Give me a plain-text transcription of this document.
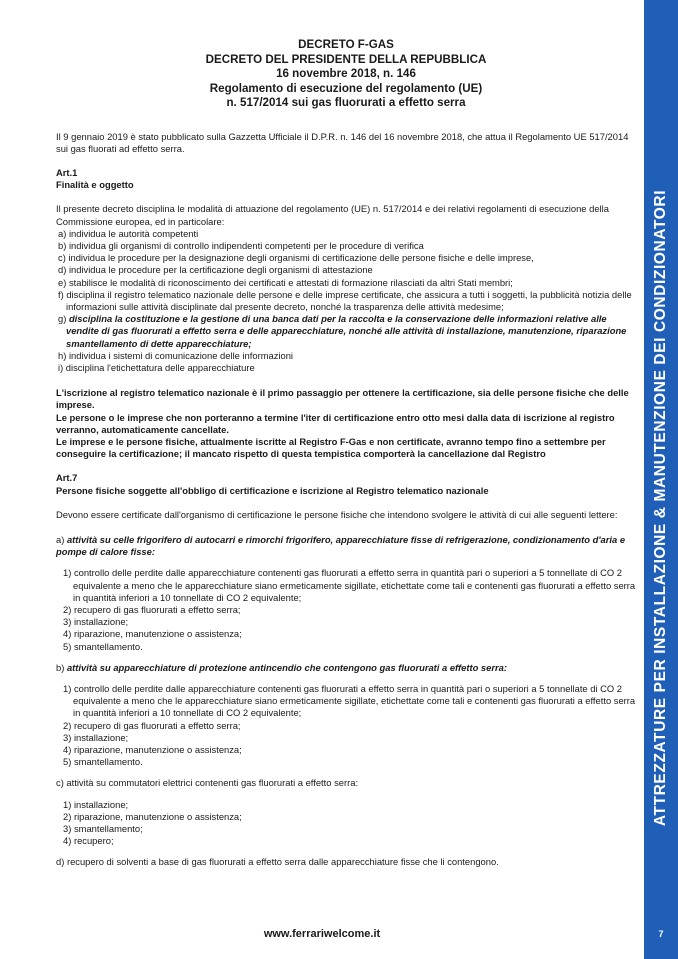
DECRETO F-GAS
DECRETO DEL PRESIDENTE DELLA REPUBBLICA
16 novembre 2018, n. 146
Regolamento di esecuzione del regolamento (UE)
n. 517/2014 sui gas fluorurati a effetto serra

Il 9 gennaio 2019 è stato pubblicato sulla Gazzetta Ufficiale il D.P.R. n. 146 del 16 novembre 2018, che attua il Regolamento UE 517/2014 sui gas fluorati ad effetto serra.

Art.1
Finalità e oggetto

Il presente decreto disciplina le modalità di attuazione del regolamento (UE) n. 517/2014 e dei relativi regolamenti di esecuzione della Commissione europea, ed in particolare:

a) individua le autorità competenti
b) individua gli organismi di controllo indipendenti competenti per le procedure di verifica
c) individua le procedure per la designazione degli organismi di certificazione delle persone fisiche e delle imprese,
d) individua le procedure per la certificazione degli organismi di attestazione
e) stabilisce le modalità di riconoscimento dei certificati e attestati di formazione rilasciati da altri Stati membri;
f) disciplina il registro telematico nazionale delle persone e delle imprese certificate, che assicura a tutti i soggetti, la pubblicità notizia delle informazioni sulle attività disciplinate dal presente decreto, nonché la trasparenza delle attività medesime;
g) disciplina la costituzione e la gestione di una banca dati per la raccolta e la conservazione delle informazioni relative alle vendite di gas fluorurati a effetto serra e delle apparecchiature, nonché alle attività di installazione, manutenzione, riparazione smantellamento di dette apparecchiature;
h) individua i sistemi di comunicazione delle informazioni
i) disciplina l'etichettatura delle apparecchiature

L'iscrizione al registro telematico nazionale è il primo passaggio per ottenere la certificazione, sia delle persone fisiche che delle imprese.

Le persone o le imprese che non porteranno a termine l'iter di certificazione entro otto mesi dalla data di iscrizione al registro verranno, automaticamente cancellate.

Le imprese e le persone fisiche, attualmente iscritte al Registro F-Gas e non certificate, avranno tempo fino a settembre per conseguire la certificazione; il mancato rispetto di questa tempistica comporterà la cancellazione dal Registro

Art.7
Persone fisiche soggette all'obbligo di certificazione e iscrizione al Registro telematico nazionale

Devono essere certificate dall'organismo di certificazione le persone fisiche che intendono svolgere le attività di cui alle seguenti lettere:

a) attività su celle frigorifero di autocarri e rimorchi frigorifero, apparecchiature fisse di refrigerazione, condizionamento d'aria e pompe di calore fisse:
1) controllo delle perdite dalle apparecchiature contenenti gas fluorurati a effetto serra in quantità pari o superiori a 5 tonnellate di CO 2 equivalente a meno che le apparecchiature siano ermeticamente sigillate, etichettate come tali e contenenti gas fluorurati a effetto serra in quantità inferiori a 10 tonnellate di CO 2 equivalente;
2) recupero di gas fluorurati a effetto serra;
3) installazione;
4) riparazione, manutenzione o assistenza;
5) smantellamento.
b) attività su apparecchiature di protezione antincendio che contengono gas fluorurati a effetto serra:
1) controllo delle perdite dalle apparecchiature contenenti gas fluorurati a effetto serra in quantità pari o superiori a 5 tonnellate di CO 2 equivalente a meno che le apparecchiature siano ermeticamente sigillate, etichettate come tali e contenenti gas fluorurati a effetto serra in quantità inferiori a 10 tonnellate di CO 2 equivalente;
2) recupero di gas fluorurati a effetto serra;
3) installazione;
4) riparazione, manutenzione o assistenza;
5) smantellamento.
c) attività su commutatori elettrici contenenti gas fluorurati a effetto serra:
1) installazione;
2) riparazione, manutenzione o assistenza;
3) smantellamento;
4) recupero;

d) recupero di solventi a base di gas fluorurati a effetto serra dalle apparecchiature fisse che li contengono.

www.ferrariwelcome.it
ATTREZZATURE PER INSTALLAZIONE & MANUTENZIONE DEI CONDIZIONATORI
7
